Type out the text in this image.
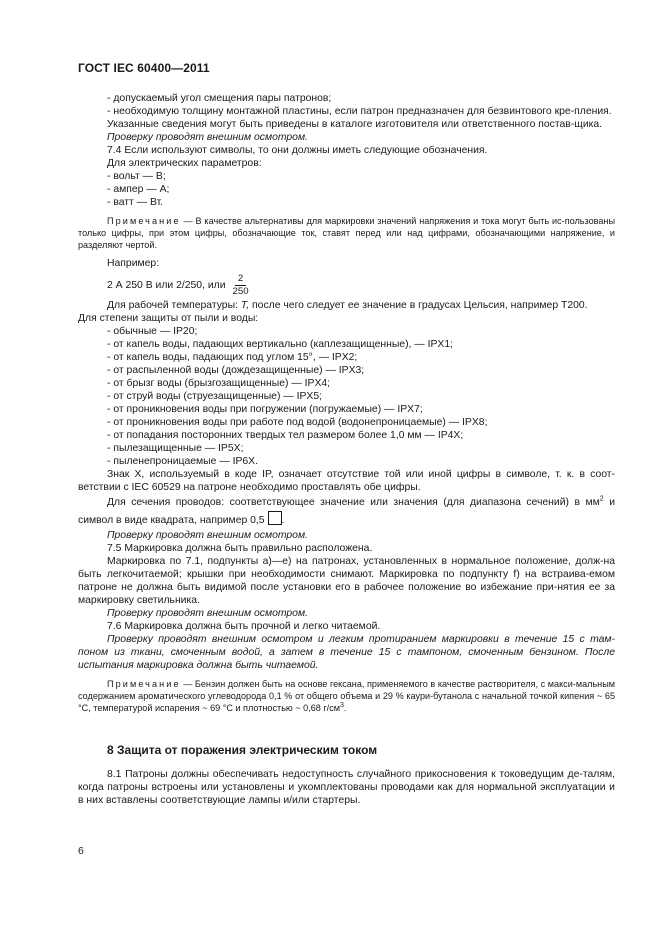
ГОСТ IEC 60400—2011

- допускаемый угол смещения пары патронов;

- необходимую толщину монтажной пластины, если патрон предназначен для безвинтового кре-пления.

Указанные сведения могут быть приведены в каталоге изготовителя или ответственного постав-щика.

Проверку проводят внешним осмотром.

7.4 Если используют символы, то они должны иметь следующие обозначения.

Для электрических параметров:

- вольт — В;

- ампер — А;

- ватт — Вт.

Примечание — В качестве альтернативы для маркировки значений напряжения и тока могут быть ис-пользованы только цифры, при этом цифры, обозначающие ток, ставят перед или над цифрами, обозначающими напряжение, и разделяют чертой.

Например:

2 А 250 В или 2/250, или $\frac{2}{250}$

Для рабочей температуры: Т, после чего следует ее значение в градусах Цельсия, например Т200.

Для степени защиты от пыли и воды:

- обычные — IP20;

- от капель воды, падающих вертикально (каплезащищенные), — IPX1;

- от капель воды, падающих под углом 15°, — IPX2;

- от распыленной воды (дождезащищенные) — IPX3;

- от брызг воды (брызгозащищенные) — IPX4;

- от струй воды (струезащищенные) — IPX5;

- от проникновения воды при погружении (погружаемые) — IPX7;

- от проникновения воды при работе под водой (водонепроницаемые) — IPX8;

- от попадания посторонних твердых тел размером более 1,0 мм — IP4X;

- пылезащищенные — IP5X;

- пыленепроницаемые — IP6X.

Знак X, используемый в коде IP, означает отсутствие той или иной цифры в символе, т. к. в соот-ветствии с IEC 60529 на патроне необходимо проставлять обе цифры.

Для сечения проводов: соответствующее значение или значения (для диапазона сечений) в $мм^2$ и символ в виде квадрата, например 0,5 .

Проверку проводят внешним осмотром.

7.5 Маркировка должна быть правильно расположена.

Маркировка по 7.1, подпункты а)—е) на патронах, установленных в нормальное положение, долж-на быть легкочитаемой; крышки при необходимости снимают. Маркировка по подпункту f) на встраива-емом патроне не должна быть видимой после установки его в рабочее положение во избежание при-нятия ее за маркировку светильника.

Проверку проводят внешним осмотром.

7.6 Маркировка должна быть прочной и легко читаемой.

Проверку проводят внешним осмотром и легким протиранием маркировки в течение 15 с там-поном из ткани, смоченным водой, а затем в течение 15 с тампоном, смоченным бензином. После испытания маркировка должна быть читаемой.

Примечание — Бензин должен быть на основе гексана, применяемого в качестве растворителя, с макси-мальным содержанием ароматического углеводорода 0,1 % от общего объема и 29 % каури-бутанола с начальной точкой кипения ~ 65 °С, температурой испарения ~ 69 °С и плотностью ~ 0,68 $г/см^3$.

8 Защита от поражения электрическим током

8.1 Патроны должны обеспечивать недоступность случайного прикосновения к токоведущим де-талям, когда патроны встроены или установлены и укомплектованы проводами как для нормальной эксплуатации и в них вставлены соответствующие лампы и/или стартеры.

6
